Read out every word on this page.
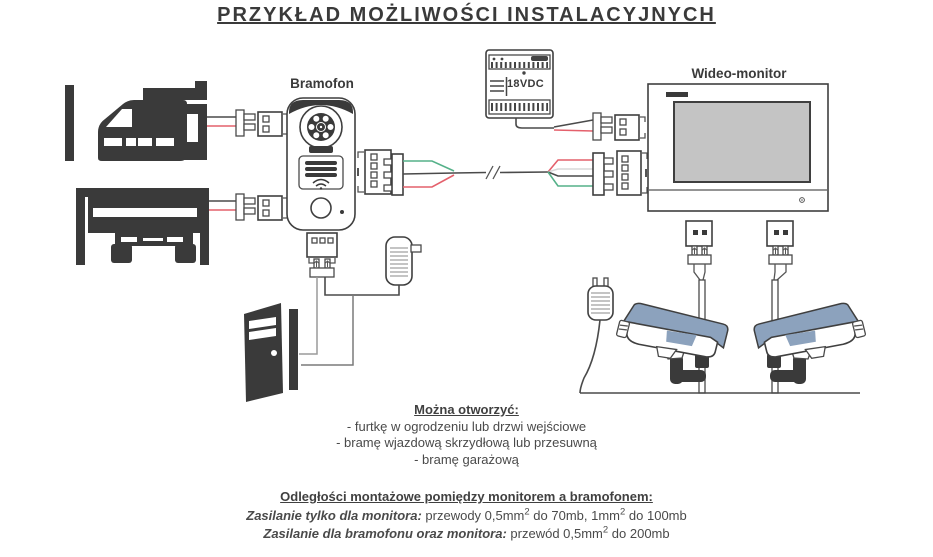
PRZYKŁAD MOŻLIWOŚCI INSTALACYJNYCH
Bramofon
Wideo-monitor
18VDC
Można otworzyć:
- furtkę w ogrodzeniu lub drzwi wejściowe
- bramę wjazdową skrzydłową lub przesuwną
- bramę garażową
Odległości montażowe pomiędzy monitorem a bramofonem:
Zasilanie tylko dla monitora: przewody $0,5mm^2$ do 70mb, $1mm^2$ do 100mb
Zasilanie dla bramofonu oraz monitora: przewód $0,5mm^2$ do 200mb
